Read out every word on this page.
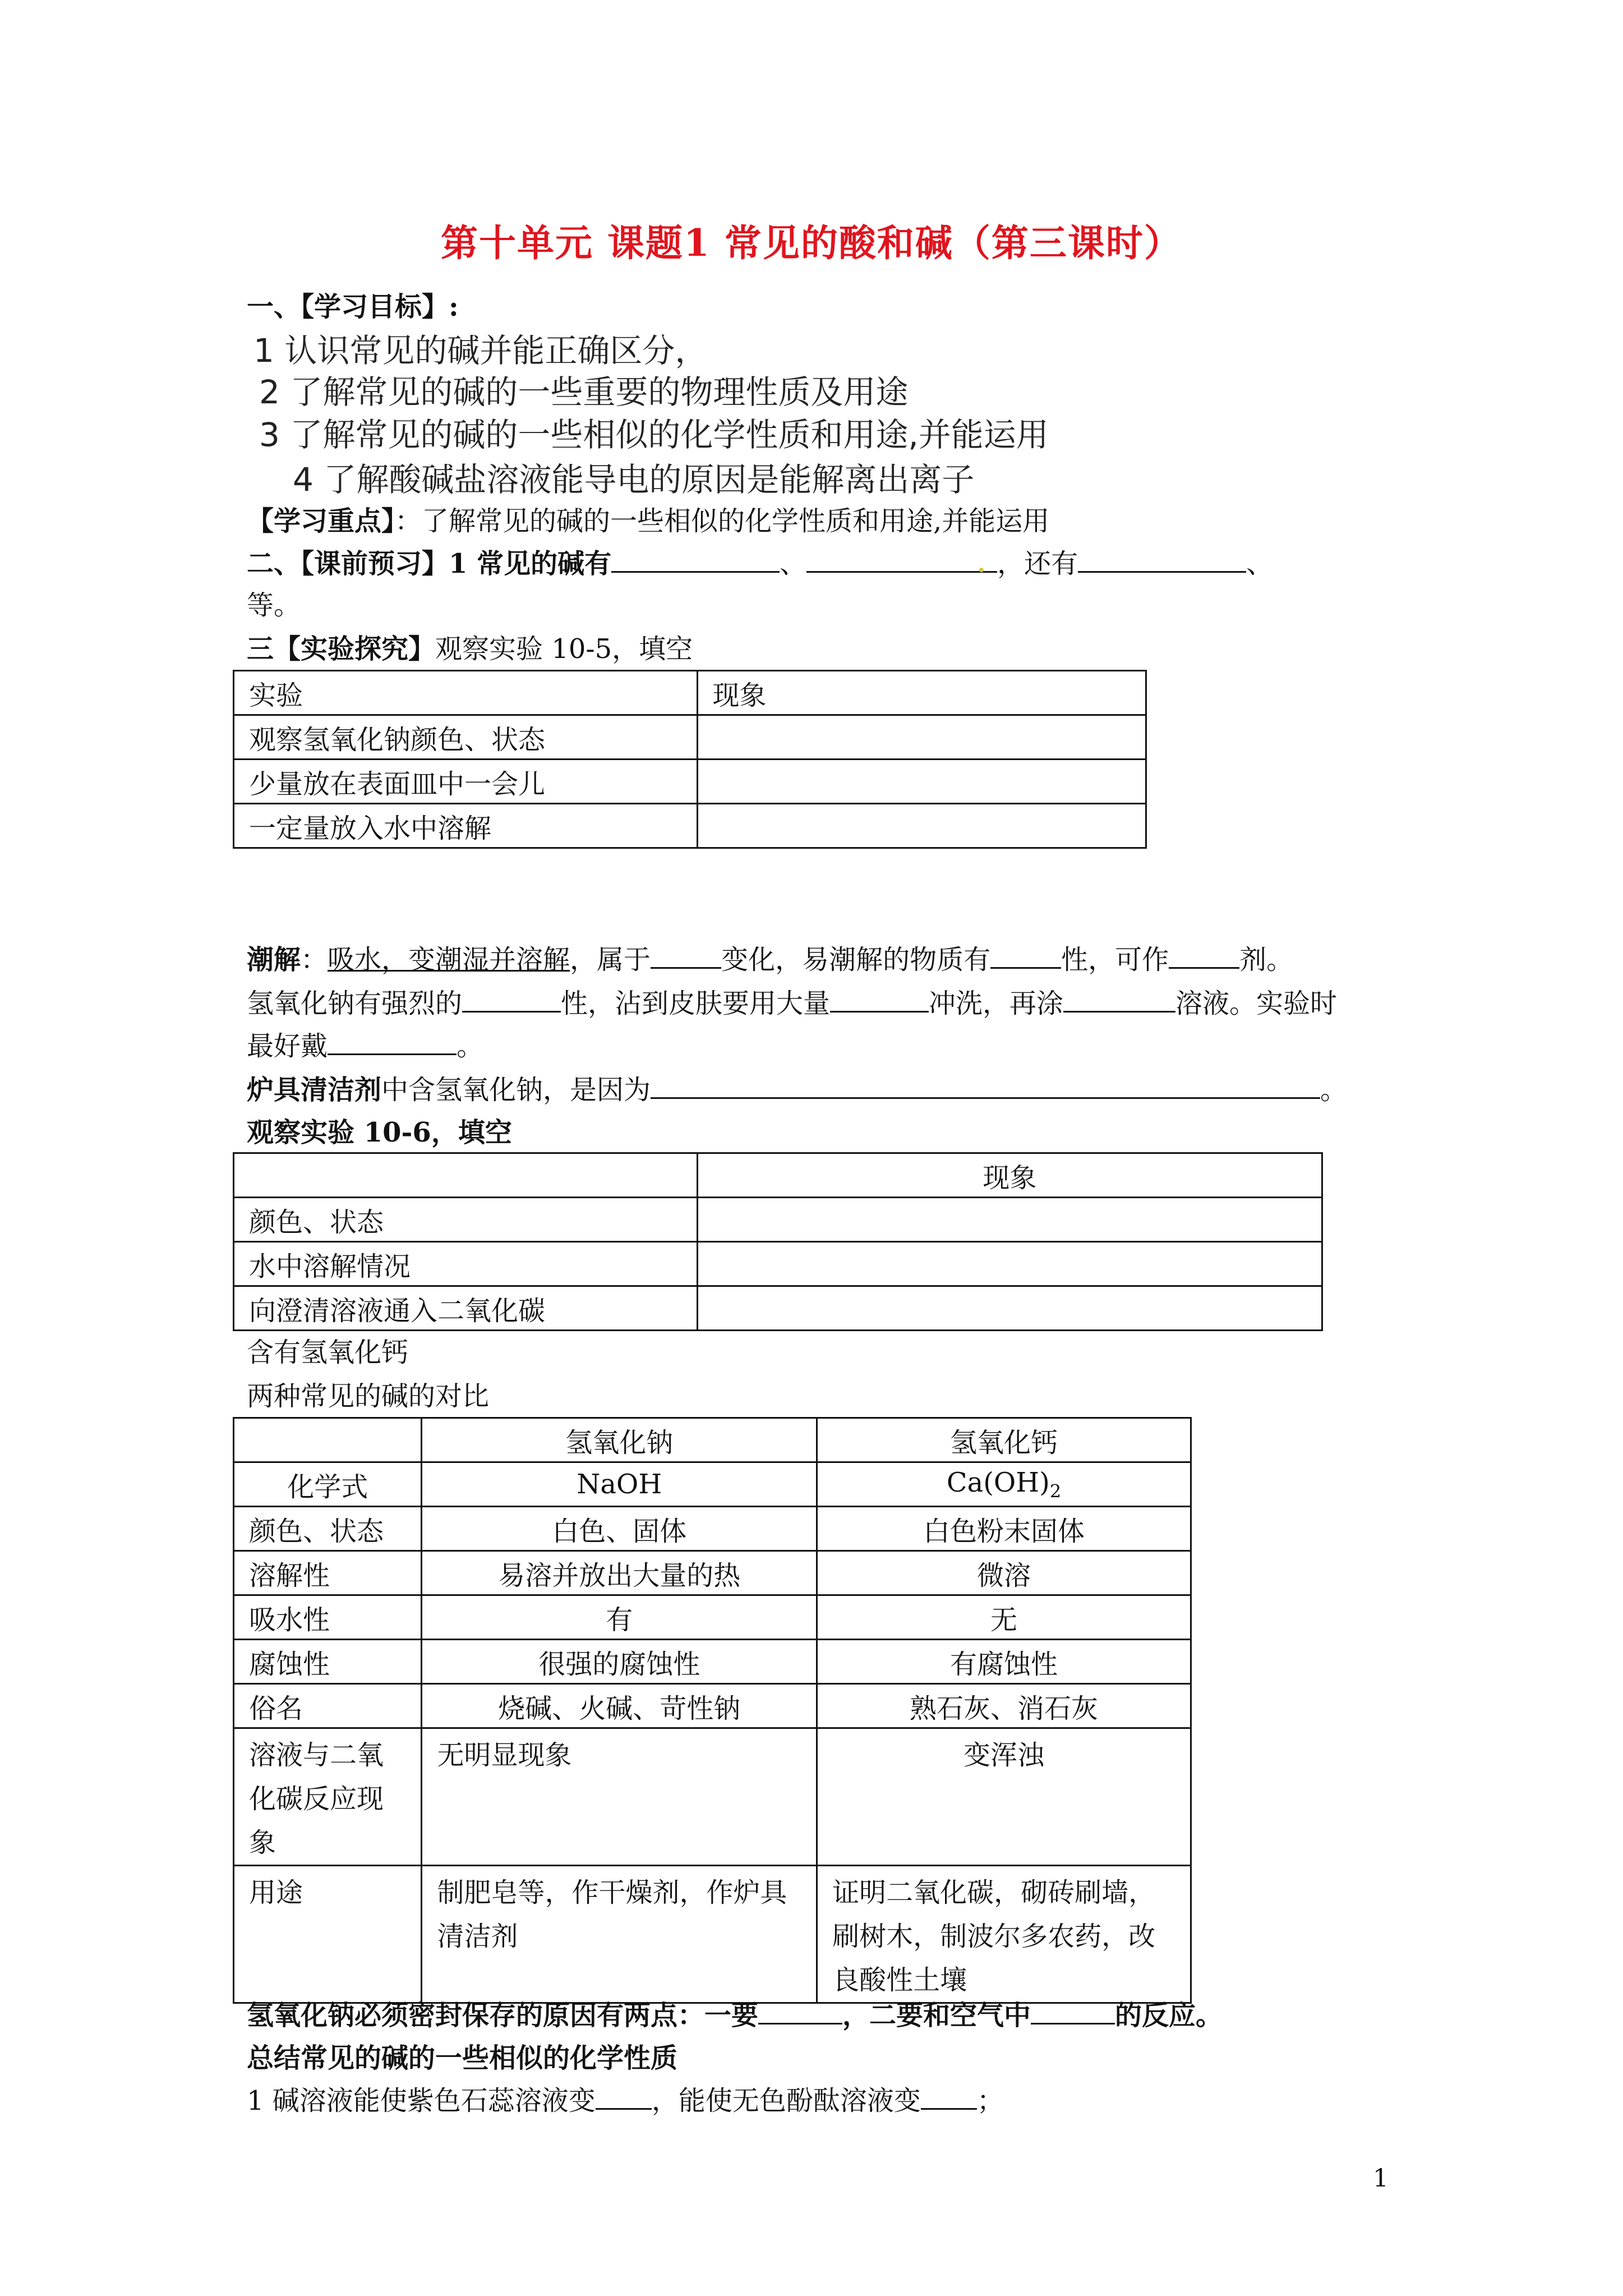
第十单元 课题1 常见的酸和碱（第三课时）
一、【学习目标】:
1 认识常见的碱并能正确区分，
2 了解常见的碱的一些重要的物理性质及用途
3 了解常见的碱的一些相似的化学性质和用途,并能运用
4 了解酸碱盐溶液能导电的原因是能解离出离子
【学习重点】：了解常见的碱的一些相似的化学性质和用途,并能运用
二、【课前预习】1 常见的碱有	、	，还有	、
等。
三【实验探究】观察实验 10-5，填空
实验	现象
观察氢氧化钠颜色、状态	
少量放在表面皿中一会儿	
一定量放入水中溶解	
潮解：吸水，变潮湿并溶解，属于	变化，易潮解的物质有	性，可作	剂。
氢氧化钠有强烈的	性，沾到皮肤要用大量	冲洗，再涂	溶液。实验时
最好戴	。
炉具清洁剂中含氢氧化钠，是因为	。
观察实验 10-6，填空
	现象
颜色、状态	
水中溶解情况	
向澄清溶液通入二氧化碳	
含有氢氧化钙
两种常见的碱的对比
	氢氧化钠	氢氧化钙
化学式	NaOH	$Ca(OH)_2$
颜色、状态	白色、固体	白色粉末固体
溶解性	易溶并放出大量的热	微溶
吸水性	有	无
腐蚀性	很强的腐蚀性	有腐蚀性
俗名	烧碱、火碱、苛性钠	熟石灰、消石灰
溶液与二氧化碳反应现象	无明显现象	变浑浊
用途	制肥皂等，作干燥剂，作炉具清洁剂	证明二氧化碳，砌砖刷墙，刷树木，制波尔多农药，改良酸性土壤
氢氧化钠必须密封保存的原因有两点：一要	，二要和空气中	的反应。
总结常见的碱的一些相似的化学性质
1 碱溶液能使紫色石蕊溶液变 ，能使无色酚酞溶液变 ；
1
